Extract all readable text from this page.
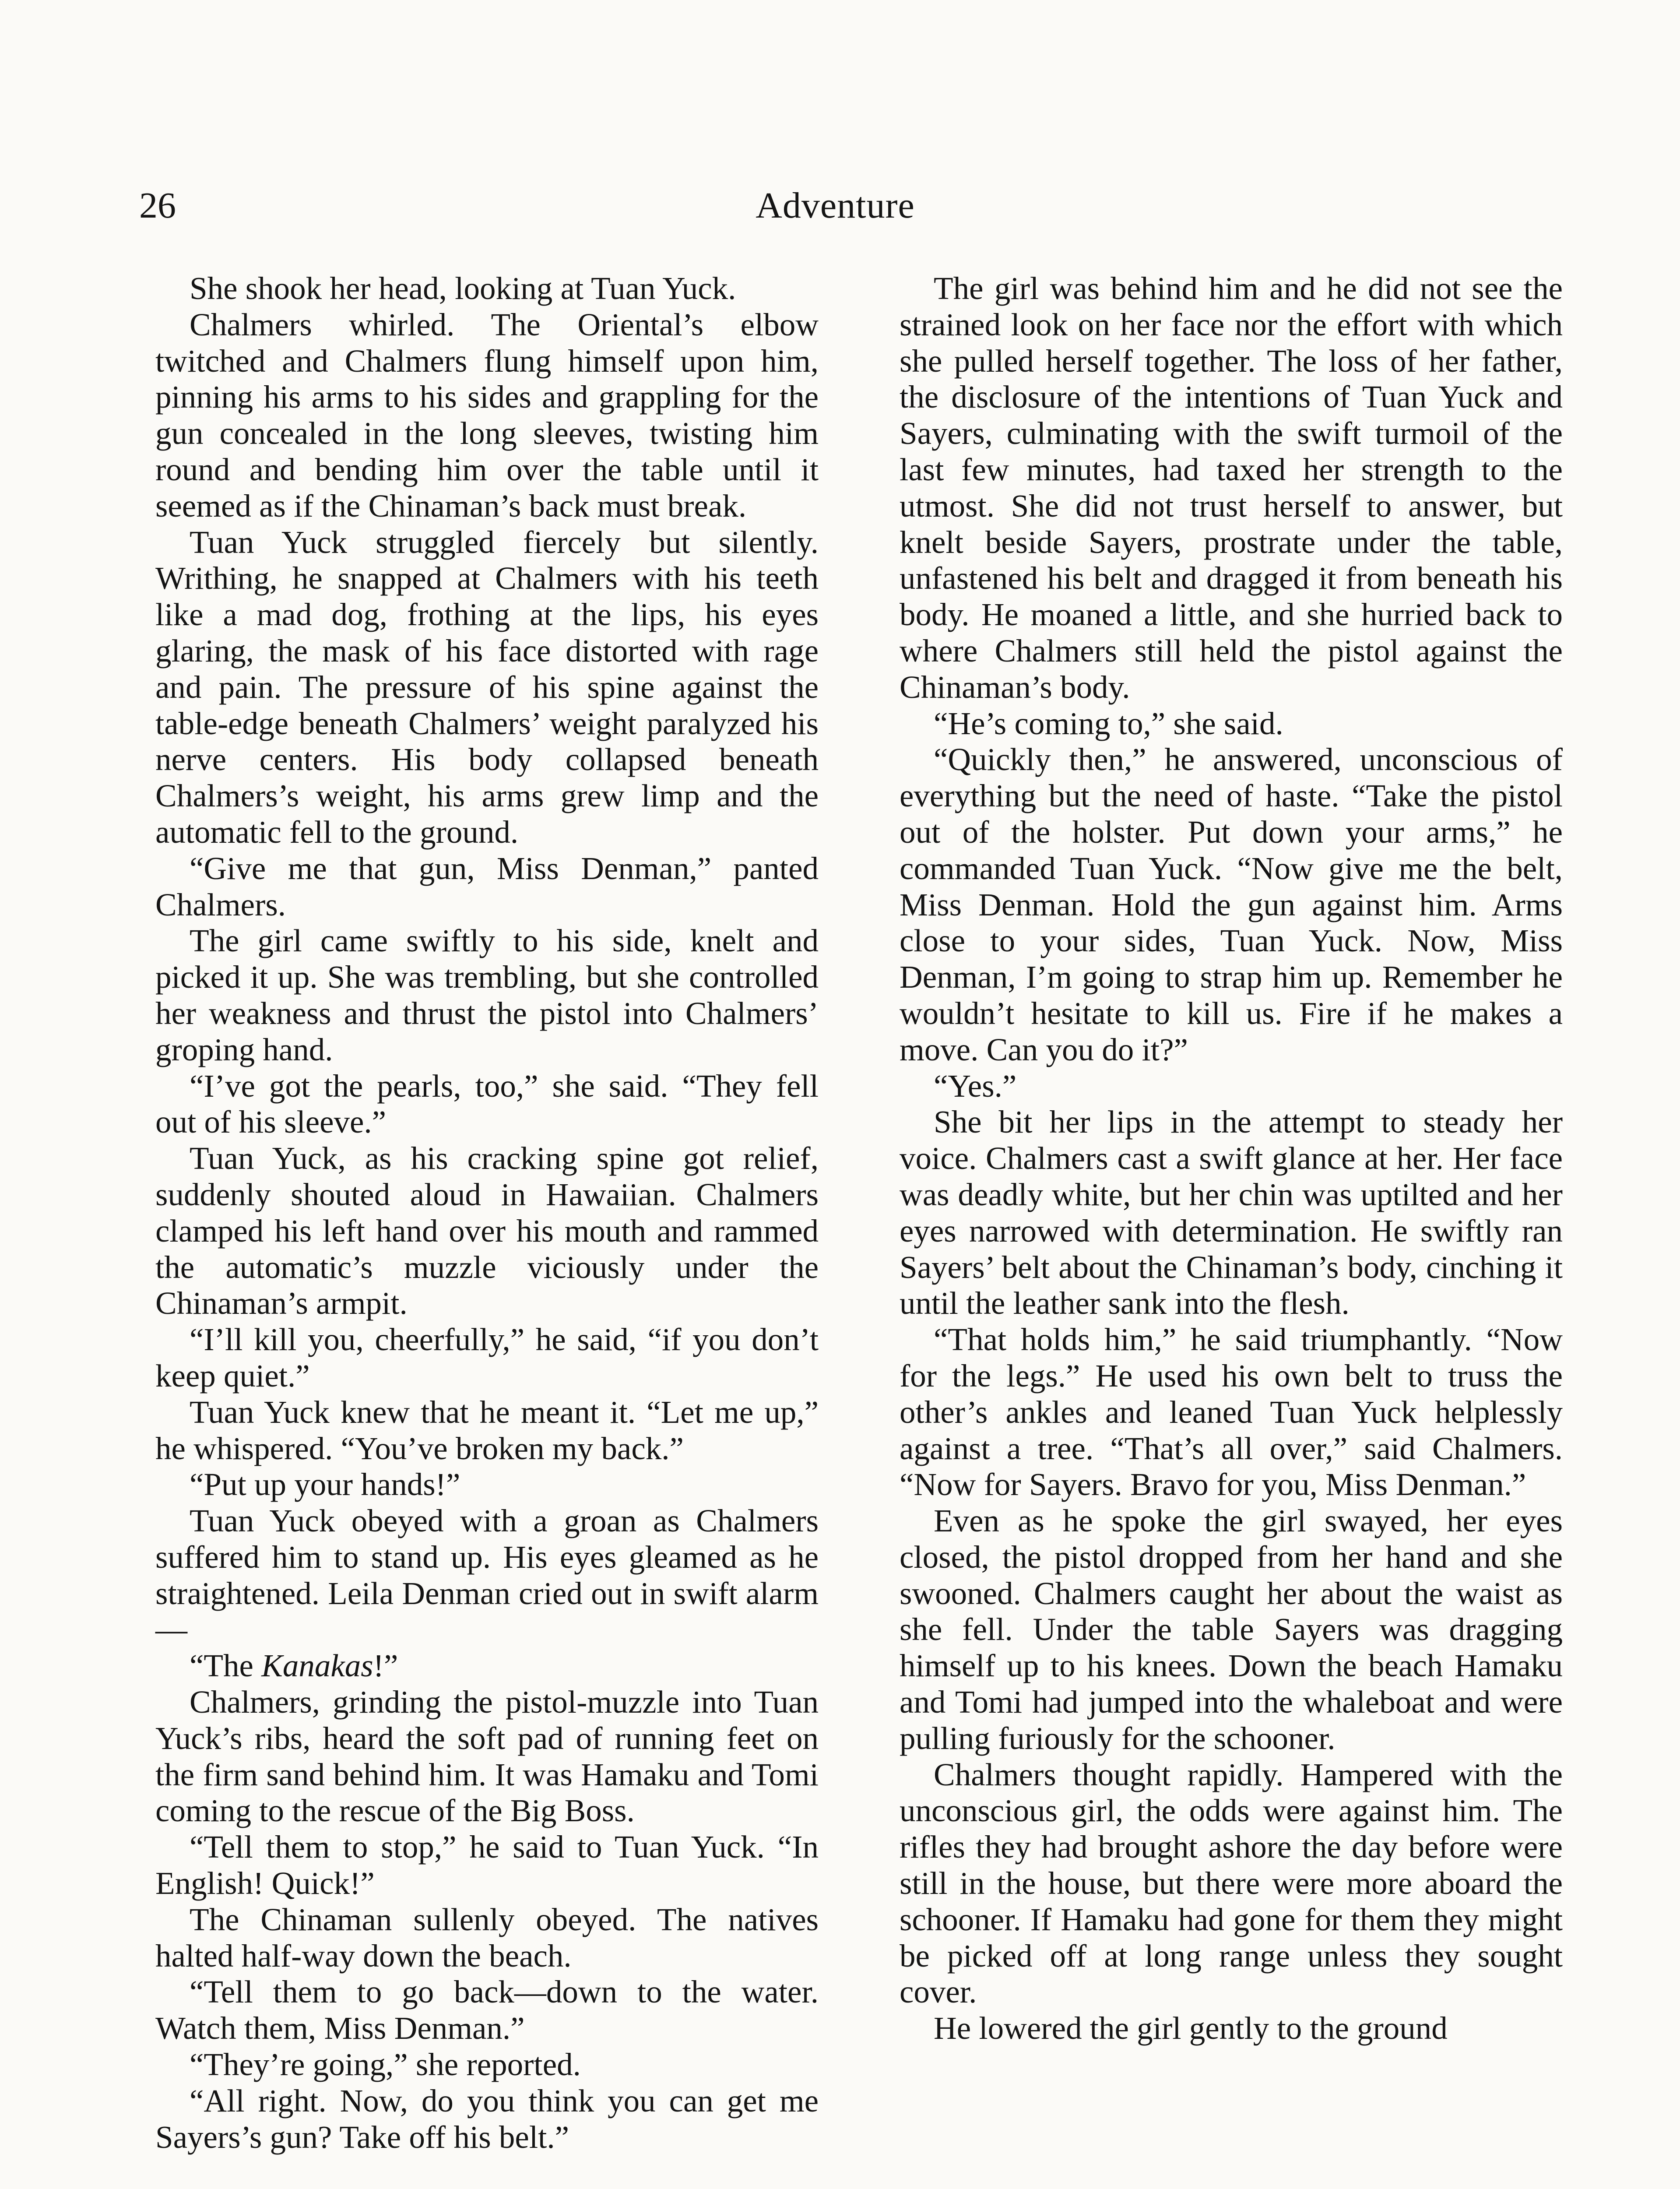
26	Adventure

She shook her head, looking at Tuan Yuck.

Chalmers whirled. The Oriental’s elbow twitched and Chalmers flung himself upon him, pinning his arms to his sides and grappling for the gun concealed in the long sleeves, twisting him round and bending him over the table until it seemed as if the Chinaman’s back must break.

Tuan Yuck struggled fiercely but silently. Writhing, he snapped at Chalmers with his teeth like a mad dog, frothing at the lips, his eyes glaring, the mask of his face distorted with rage and pain. The pressure of his spine against the table-edge beneath Chalmers’ weight paralyzed his nerve centers. His body collapsed beneath Chalmers’s weight, his arms grew limp and the automatic fell to the ground.

“Give me that gun, Miss Denman,” panted Chalmers.

The girl came swiftly to his side, knelt and picked it up. She was trembling, but she controlled her weakness and thrust the pistol into Chalmers’ groping hand.

“I’ve got the pearls, too,” she said. “They fell out of his sleeve.”

Tuan Yuck, as his cracking spine got relief, suddenly shouted aloud in Hawaiian. Chalmers clamped his left hand over his mouth and rammed the automatic’s muzzle viciously under the Chinaman’s armpit.

“I’ll kill you, cheerfully,” he said, “if you don’t keep quiet.”

Tuan Yuck knew that he meant it. “Let me up,” he whispered. “You’ve broken my back.”

“Put up your hands!”

Tuan Yuck obeyed with a groan as Chalmers suffered him to stand up. His eyes gleamed as he straightened. Leila Denman cried out in swift alarm—

“The Kanakas!”

Chalmers, grinding the pistol-muzzle into Tuan Yuck’s ribs, heard the soft pad of running feet on the firm sand behind him. It was Hamaku and Tomi coming to the rescue of the Big Boss.

“Tell them to stop,” he said to Tuan Yuck. “In English! Quick!”

The Chinaman sullenly obeyed. The natives halted half-way down the beach.

“Tell them to go back—down to the water. Watch them, Miss Denman.”

“They’re going,” she reported.

“All right. Now, do you think you can get me Sayers’s gun? Take off his belt.”

The girl was behind him and he did not see the strained look on her face nor the effort with which she pulled herself together. The loss of her father, the disclosure of the intentions of Tuan Yuck and Sayers, culminating with the swift turmoil of the last few minutes, had taxed her strength to the utmost. She did not trust herself to answer, but knelt beside Sayers, prostrate under the table, unfastened his belt and dragged it from beneath his body. He moaned a little, and she hurried back to where Chalmers still held the pistol against the Chinaman’s body.

“He’s coming to,” she said.

“Quickly then,” he answered, unconscious of everything but the need of haste. “Take the pistol out of the holster. Put down your arms,” he commanded Tuan Yuck. “Now give me the belt, Miss Denman. Hold the gun against him. Arms close to your sides, Tuan Yuck. Now, Miss Denman, I’m going to strap him up. Remember he wouldn’t hesitate to kill us. Fire if he makes a move. Can you do it?”

“Yes.”

She bit her lips in the attempt to steady her voice. Chalmers cast a swift glance at her. Her face was deadly white, but her chin was uptilted and her eyes narrowed with determination. He swiftly ran Sayers’ belt about the Chinaman’s body, cinching it until the leather sank into the flesh.

“That holds him,” he said triumphantly. “Now for the legs.” He used his own belt to truss the other’s ankles and leaned Tuan Yuck helplessly against a tree. “That’s all over,” said Chalmers. “Now for Sayers. Bravo for you, Miss Denman.”

Even as he spoke the girl swayed, her eyes closed, the pistol dropped from her hand and she swooned. Chalmers caught her about the waist as she fell. Under the table Sayers was dragging himself up to his knees. Down the beach Hamaku and Tomi had jumped into the whaleboat and were pulling furiously for the schooner.

Chalmers thought rapidly. Hampered with the unconscious girl, the odds were against him. The rifles they had brought ashore the day before were still in the house, but there were more aboard the schooner. If Hamaku had gone for them they might be picked off at long range unless they sought cover.

He lowered the girl gently to the ground
